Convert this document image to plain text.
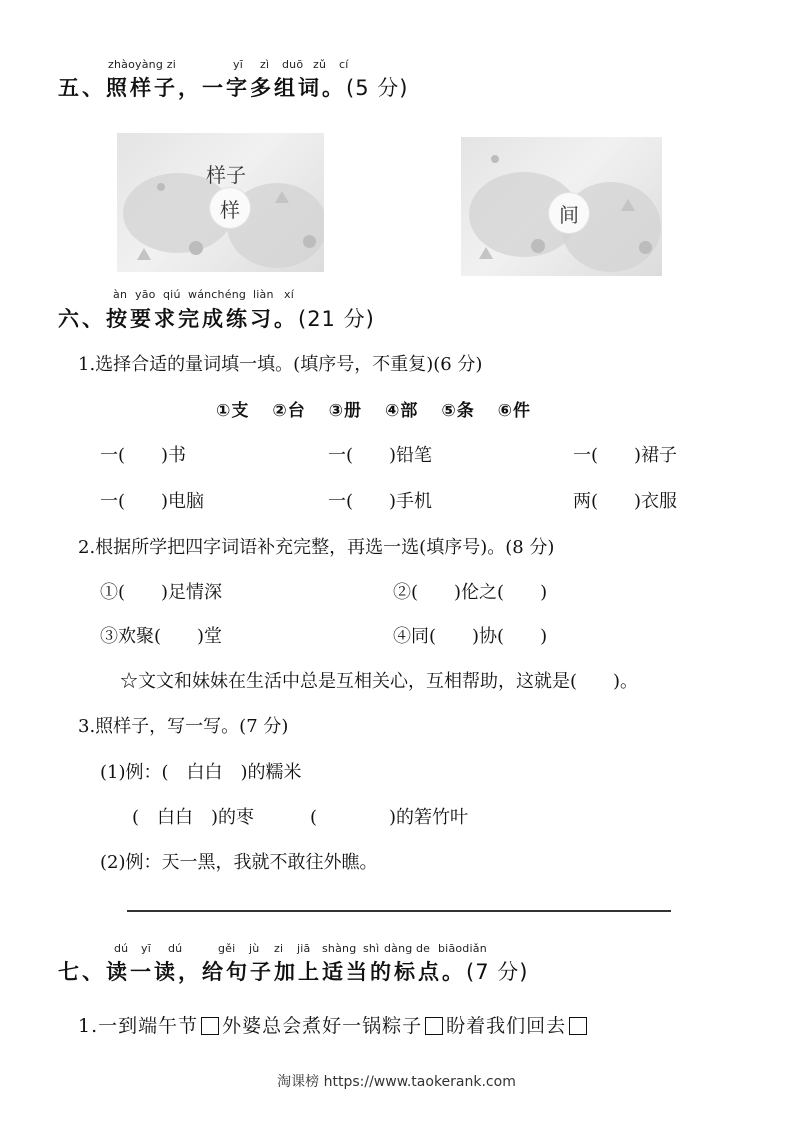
zhàoyàng zi	yī zì duō zǔ cí
五、照样子，一字多组词。(5 分)
样子
样	间
àn yāo qiú wánchéng liàn xí
六、按要求完成练习。(21 分)
1.选择合适的量词填一填。(填序号，不重复)(6 分)
①支 ②台 ③册 ④部 ⑤条 ⑥件
一(　　)书	一(　　)铅笔	一(　　)裙子
一(　　)电脑	一(　　)手机	两(　　)衣服
2.根据所学把四字词语补充完整，再选一选(填序号)。(8 分)
①(　　)足情深	②(　　)伦之(　　)
③欢聚(　　)堂	④同(　　)协(　　)
☆文文和妹妹在生活中总是互相关心，互相帮助，这就是(　　)。
3.照样子，写一写。(7 分)
(1)例：(　白白　)的糯米
(　白白　)的枣	(　　　　)的箬竹叶
(2)例：天一黑，我就不敢往外瞧。
dú yī dú	gěi jù zi jiā shàng shì dàng de biāodiǎn
七、读一读，给句子加上适当的标点。(7 分)
1.一到端午节 外婆总会煮好一锅粽子 盼着我们回去
淘课榜 https://www.taokerank.com
